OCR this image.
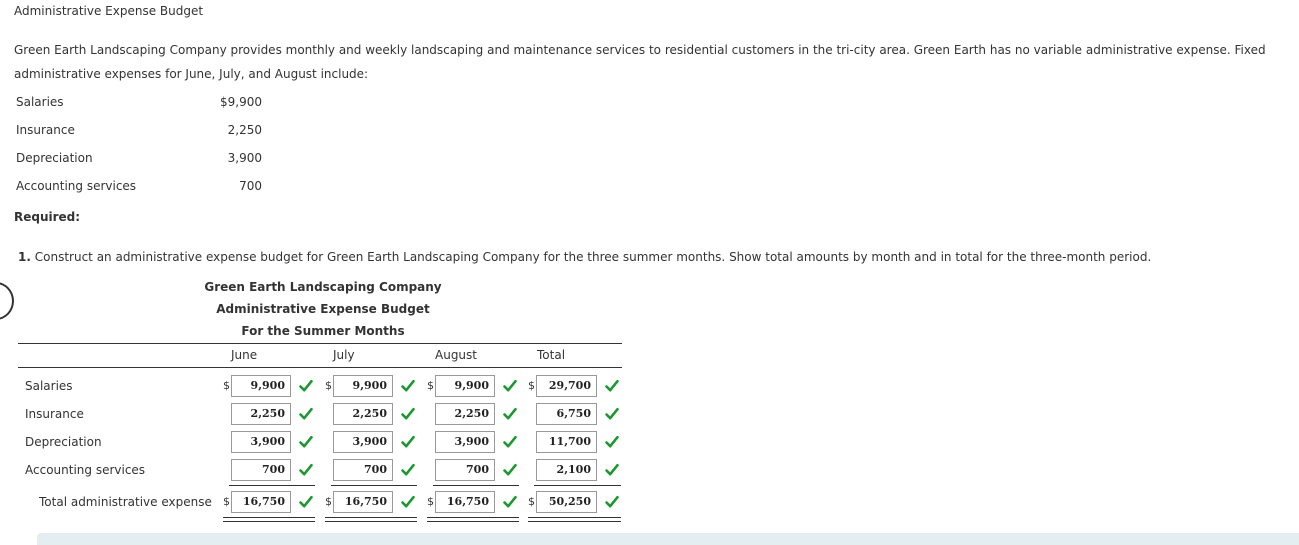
Administrative Expense Budget
Green Earth Landscaping Company provides monthly and weekly landscaping and maintenance services to residential customers in the tri-city area. Green Earth has no variable administrative expense. Fixed administrative expenses for June, July, and August include:
Salaries	$9,900
Insurance	2,250
Depreciation	3,900
Accounting services	700
Required:
1. Construct an administrative expense budget for Green Earth Landscaping Company for the three summer months. Show total amounts by month and in total for the three-month period.
Green Earth Landscaping Company
Administrative Expense Budget
For the Summer Months
June	July	August	Total
Salaries	$	9,900	$	9,900	$	9,900	$	29,700
Insurance	2,250	2,250	2,250	6,750
Depreciation	3,900	3,900	3,900	11,700
Accounting services	700	700	700	2,100
Total administrative expense $	16,750	$	16,750	$	16,750	$	50,250
